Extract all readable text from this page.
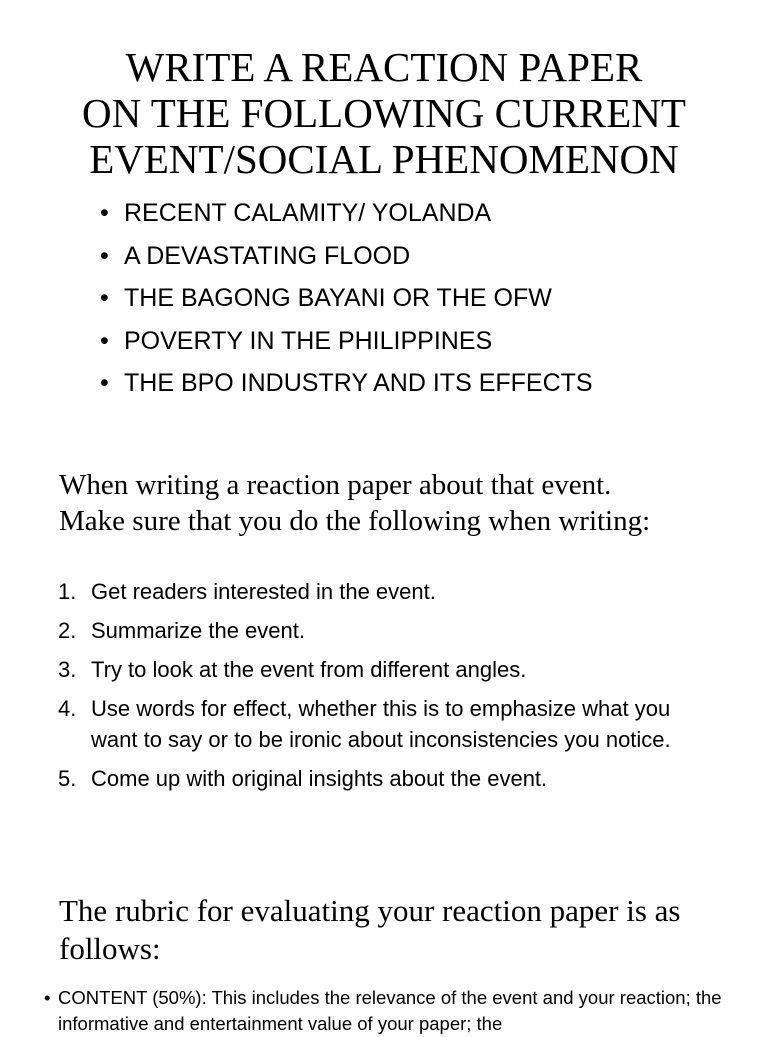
WRITE A REACTION PAPER
ON THE FOLLOWING CURRENT
EVENT/SOCIAL PHENOMENON
• RECENT CALAMITY/ YOLANDA
• A DEVASTATING FLOOD
• THE BAGONG BAYANI OR THE OFW
• POVERTY IN THE PHILIPPINES
• THE BPO INDUSTRY AND ITS EFFECTS
When writing a reaction paper about that event.
Make sure that you do the following when writing:
1. Get readers interested in the event.
2. Summarize the event.
3. Try to look at the event from different angles.
4. Use words for effect, whether this is to emphasize what you want to say or to be ironic about inconsistencies you notice.
5. Come up with original insights about the event.
The rubric for evaluating your reaction paper is as follows:
• CONTENT (50%): This includes the relevance of the event and your reaction; the informative and entertainment value of your paper; the
